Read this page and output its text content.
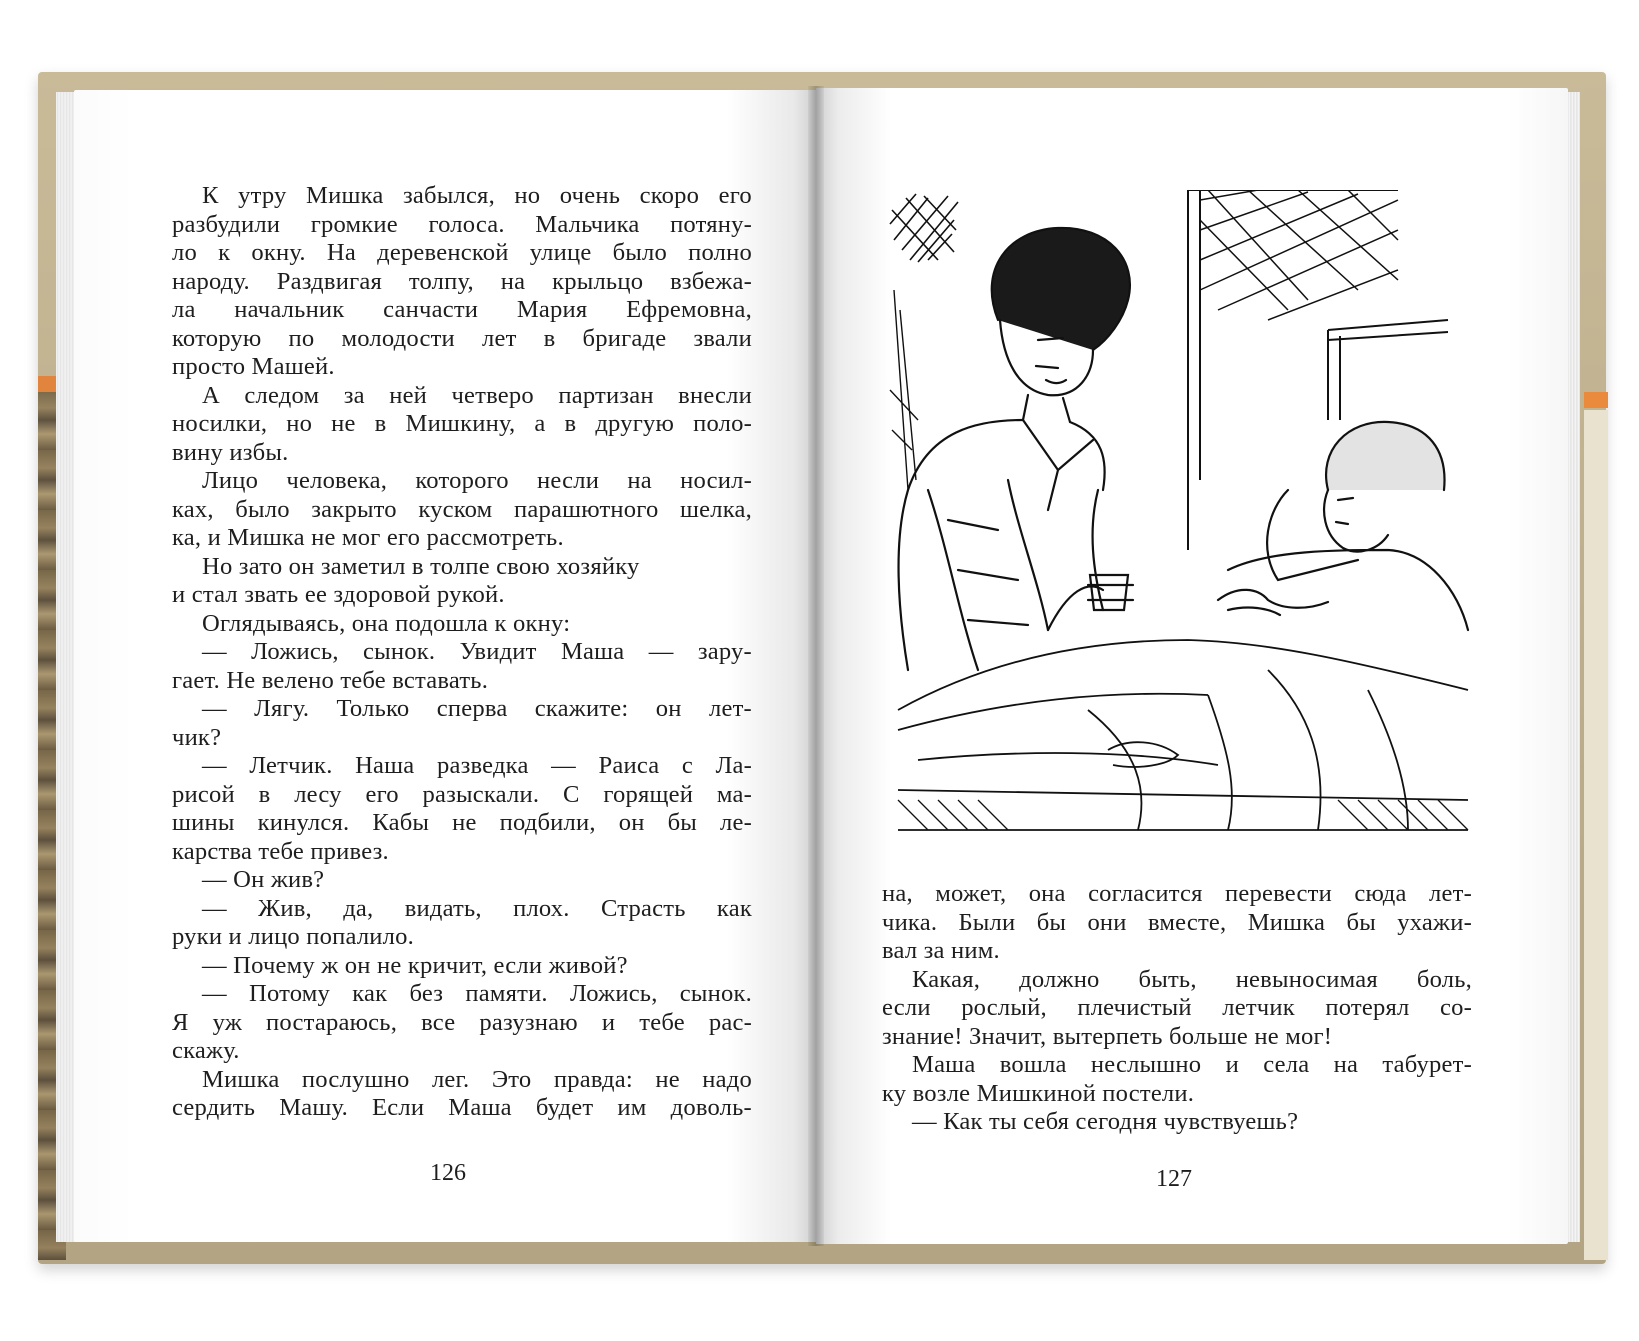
К утру Мишка забылся, но очень скоро его
разбудили громкие голоса. Мальчика потяну-
ло к окну. На деревенской улице было полно
народу. Раздвигая толпу, на крыльцо взбежа-
ла начальник санчасти Мария Ефремовна,
которую по молодости лет в бригаде звали
просто Машей.
А следом за ней четверо партизан внесли
носилки, но не в Мишкину, а в другую поло-
вину избы.
Лицо человека, которого несли на носил-
ках, было закрыто куском парашютного шелка,
ка, и Мишка не мог его рассмотреть.
Но зато он заметил в толпе свою хозяйку
и стал звать ее здоровой рукой.
Оглядываясь, она подошла к окну:
— Ложись, сынок. Увидит Маша — зару-
гает. Не велено тебе вставать.
— Лягу. Только сперва скажите: он лет-
чик?
— Летчик. Наша разведка — Раиса с Ла-
рисой в лесу его разыскали. С горящей ма-
шины кинулся. Кабы не подбили, он бы ле-
карства тебе привез.
— Он жив?
— Жив, да, видать, плох. Страсть как
руки и лицо попалило.
— Почему ж он не кричит, если живой?
— Потому как без памяти. Ложись, сынок.
Я уж постараюсь, все разузнаю и тебе рас-
скажу.
Мишка послушно лег. Это правда: не надо
сердить Машу. Если Маша будет им доволь-
126
на, может, она согласится перевести сюда лет-
чика. Были бы они вместе, Мишка бы ухажи-
вал за ним.
Какая, должно быть, невыносимая боль,
если рослый, плечистый летчик потерял со-
знание! Значит, вытерпеть больше не мог!
Маша вошла неслышно и села на табурет-
ку возле Мишкиной постели.
— Как ты себя сегодня чувствуешь?
127
